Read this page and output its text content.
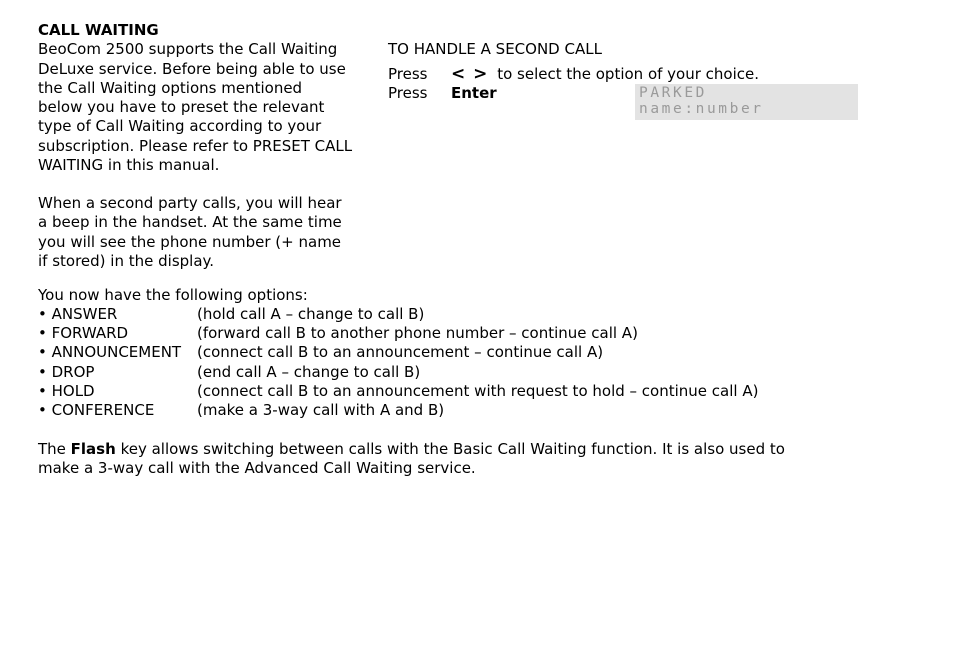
CALL WAITING
BeoCom 2500 supports the Call Waiting
DeLuxe service. Before being able to use
the Call Waiting options mentioned
below you have to preset the relevant
type of Call Waiting according to your
subscription. Please refer to PRESET CALL
WAITING in this manual.
When a second party calls, you will hear
a beep in the handset. At the same time
you will see the phone number (+ name
if stored) in the display.
TO HANDLE A SECOND CALL
Press < > to select the option of your choice.
Press Enter	PARKED
name:number
You now have the following options:
• ANSWER	(hold call A – change to call B)
• FORWARD	(forward call B to another phone number – continue call A)
• ANNOUNCEMENT (connect call B to an announcement – continue call A)
• DROP	(end call A – change to call B)
• HOLD	(connect call B to an announcement with request to hold – continue call A)
• CONFERENCE	(make a 3-way call with A and B)
The Flash key allows switching between calls with the Basic Call Waiting function. It is also used to
make a 3-way call with the Advanced Call Waiting service.
